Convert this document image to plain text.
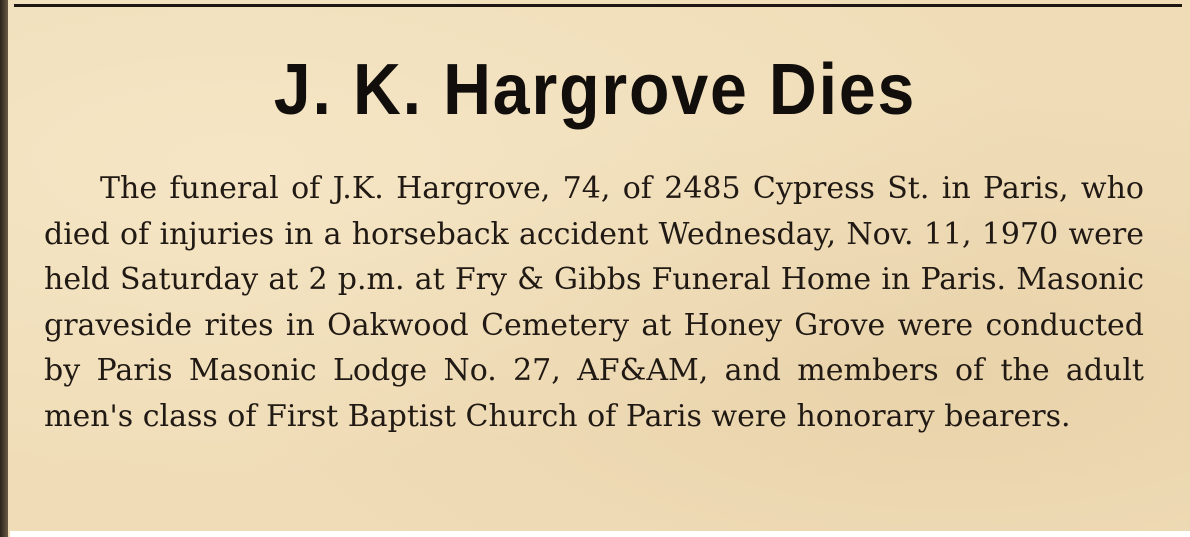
J. K. Hargrove Dies

The funeral of J.K. Hargrove, 74, of 2485 Cypress St. in Paris, who died of injuries in a horseback accident Wednesday, Nov. 11, 1970 were held Saturday at 2 p.m. at Fry & Gibbs Funeral Home in Paris. Masonic graveside rites in Oakwood Cemetery at Honey Grove were conducted by Paris Masonic Lodge No. 27, AF&AM, and members of the adult men's class of First Baptist Church of Paris were honorary bearers.
